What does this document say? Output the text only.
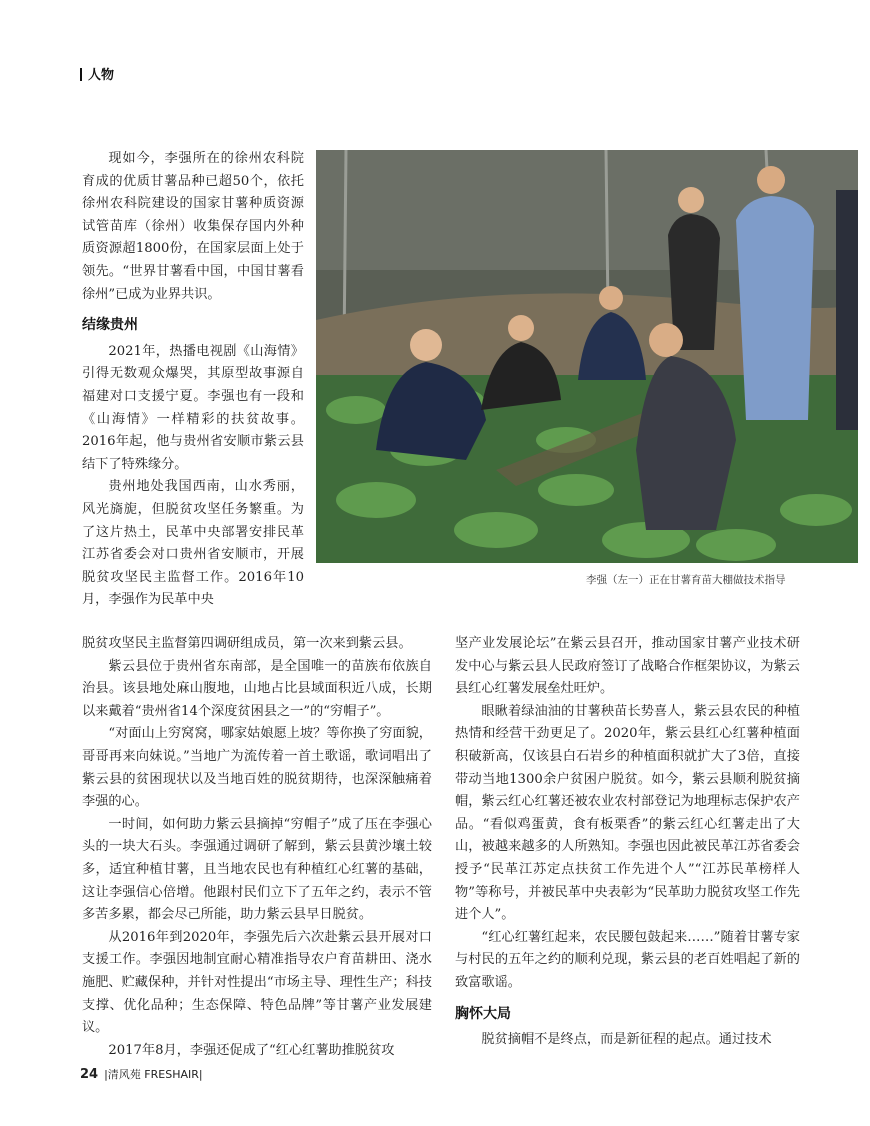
人物

现如今，李强所在的徐州农科院育成的优质甘薯品种已超50个，依托徐州农科院建设的国家甘薯种质资源试管苗库（徐州）收集保存国内外种质资源超1800份，在国家层面上处于领先。“世界甘薯看中国，中国甘薯看徐州”已成为业界共识。

结缘贵州

2021年，热播电视剧《山海情》引得无数观众爆哭，其原型故事源自福建对口支援宁夏。李强也有一段和《山海情》一样精彩的扶贫故事。2016年起，他与贵州省安顺市紫云县结下了特殊缘分。

贵州地处我国西南，山水秀丽，风光旖旎，但脱贫攻坚任务繁重。为了这片热土，民革中央部署安排民革江苏省委会对口贵州省安顺市，开展脱贫攻坚民主监督工作。2016年10月，李强作为民革中央

李强（左一）正在甘薯育苗大棚做技术指导
脱贫攻坚民主监督第四调研组成员，第一次来到紫云县。

紫云县位于贵州省东南部，是全国唯一的苗族布依族自治县。该县地处麻山腹地，山地占比县域面积近八成，长期以来戴着“贵州省14个深度贫困县之一”的“穷帽子”。

“对面山上穷窝窝，哪家姑娘愿上坡？等你换了穷面貌，哥哥再来向妹说。”当地广为流传着一首土歌谣，歌词唱出了紫云县的贫困现状以及当地百姓的脱贫期待，也深深触痛着李强的心。

一时间，如何助力紫云县摘掉“穷帽子”成了压在李强心头的一块大石头。李强通过调研了解到，紫云县黄沙壤土较多，适宜种植甘薯，且当地农民也有种植红心红薯的基础，这让李强信心倍增。他跟村民们立下了五年之约，表示不管多苦多累，都会尽己所能，助力紫云县早日脱贫。

从2016年到2020年，李强先后六次赴紫云县开展对口支援工作。李强因地制宜耐心精准指导农户育苗耕田、浇水施肥、贮藏保种，并针对性提出“市场主导、理性生产；科技支撑、优化品种；生态保障、特色品牌”等甘薯产业发展建议。

2017年8月，李强还促成了“红心红薯助推脱贫攻

坚产业发展论坛”在紫云县召开，推动国家甘薯产业技术研发中心与紫云县人民政府签订了战略合作框架协议，为紫云县红心红薯发展垒灶旺炉。

眼瞅着绿油油的甘薯秧苗长势喜人，紫云县农民的种植热情和经营干劲更足了。2020年，紫云县红心红薯种植面积破新高，仅该县白石岩乡的种植面积就扩大了3倍，直接带动当地1300余户贫困户脱贫。如今，紫云县顺利脱贫摘帽，紫云红心红薯还被农业农村部登记为地理标志保护农产品。“看似鸡蛋黄，食有板栗香”的紫云红心红薯走出了大山，被越来越多的人所熟知。李强也因此被民革江苏省委会授予“民革江苏定点扶贫工作先进个人”“江苏民革榜样人物”等称号，并被民革中央表彰为“民革助力脱贫攻坚工作先进个人”。

“红心红薯红起来，农民腰包鼓起来……”随着甘薯专家与村民的五年之约的顺利兑现，紫云县的老百姓唱起了新的致富歌谣。

胸怀大局

脱贫摘帽不是终点，而是新征程的起点。通过技术

24 |清风苑 FRESHAIR|
